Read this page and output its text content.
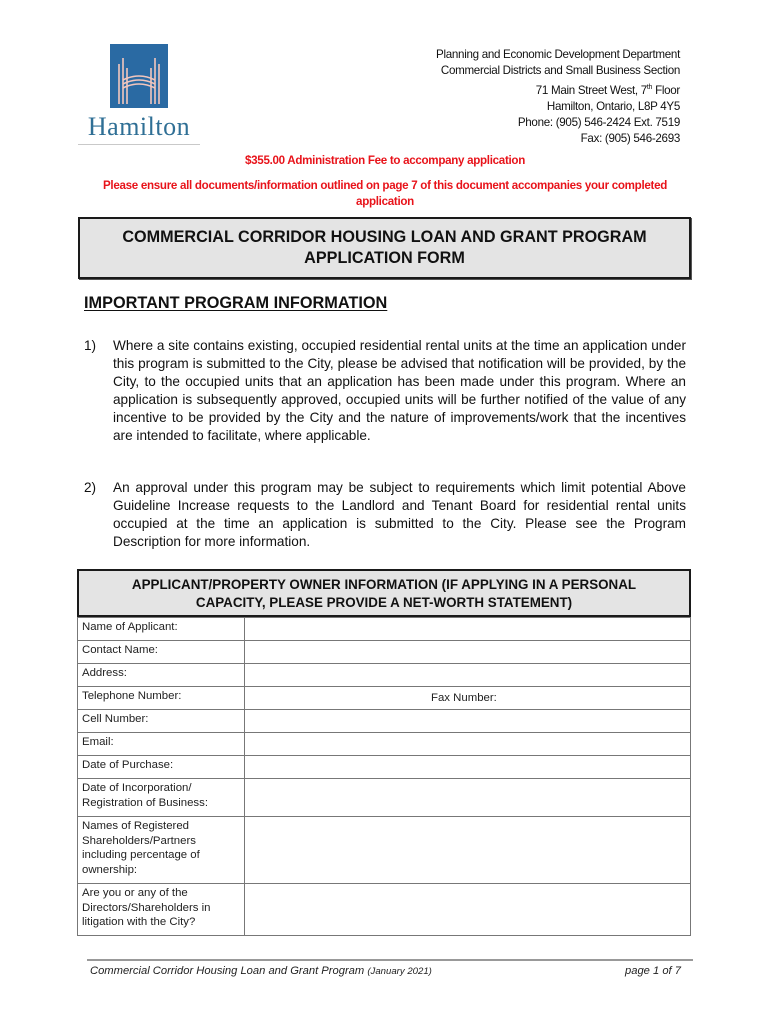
Hamilton
Planning and Economic Development Department
Commercial Districts and Small Business Section
71 Main Street West, 7th Floor
Hamilton, Ontario, L8P 4Y5
Phone: (905) 546-2424 Ext. 7519
Fax: (905) 546-2693
$355.00 Administration Fee to accompany application
Please ensure all documents/information outlined on page 7 of this document accompanies your completed application
COMMERCIAL CORRIDOR HOUSING LOAN AND GRANT PROGRAM
APPLICATION FORM
IMPORTANT PROGRAM INFORMATION
1) Where a site contains existing, occupied residential rental units at the time an application under this program is submitted to the City, please be advised that notification will be provided, by the City, to the occupied units that an application has been made under this program. Where an application is subsequently approved, occupied units will be further notified of the value of any incentive to be provided by the City and the nature of improvements/work that the incentives are intended to facilitate, where applicable.
2) An approval under this program may be subject to requirements which limit potential Above Guideline Increase requests to the Landlord and Tenant Board for residential rental units occupied at the time an application is submitted to the City. Please see the Program Description for more information.
APPLICANT/PROPERTY OWNER INFORMATION (IF APPLYING IN A PERSONAL
CAPACITY, PLEASE PROVIDE A NET-WORTH STATEMENT)
Name of Applicant:	
Contact Name:	
Address:	
Telephone Number:	Fax Number:

Cell Number:	
Email:	
Date of Purchase:	
Date of Incorporation/ Registration of Business:	
Names of Registered Shareholders/Partners including percentage of ownership:	
Are you or any of the Directors/Shareholders in litigation with the City?	
Commercial Corridor Housing Loan and Grant Program (January 2021)	page 1 of 7
